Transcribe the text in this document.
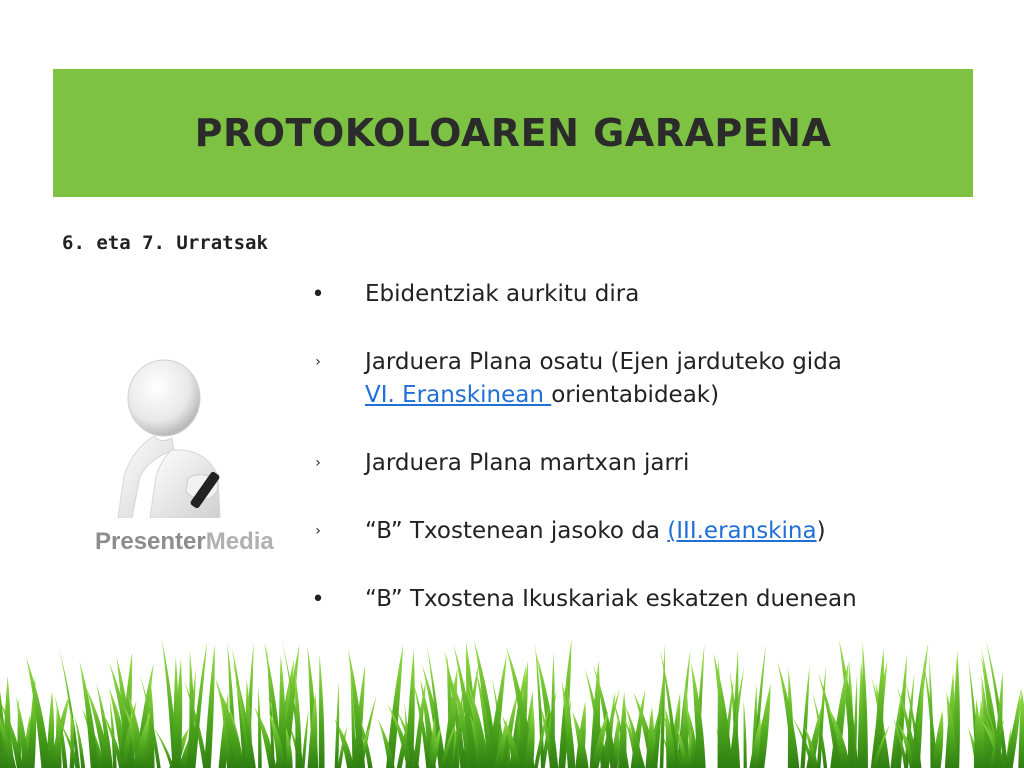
PROTOKOLOAREN GARAPENA
6. eta 7. Urratsak
PresenterMedia
• Ebidentziak aurkitu dira
›	Jarduera Plana osatu (Ejen jarduteko gida
VI. Eranskinean orientabideak)
›	Jarduera Plana martxan jarri
›	“B” Txostenean jasoko da (III.eranskina)
• “B” Txostena Ikuskariak eskatzen duenean
